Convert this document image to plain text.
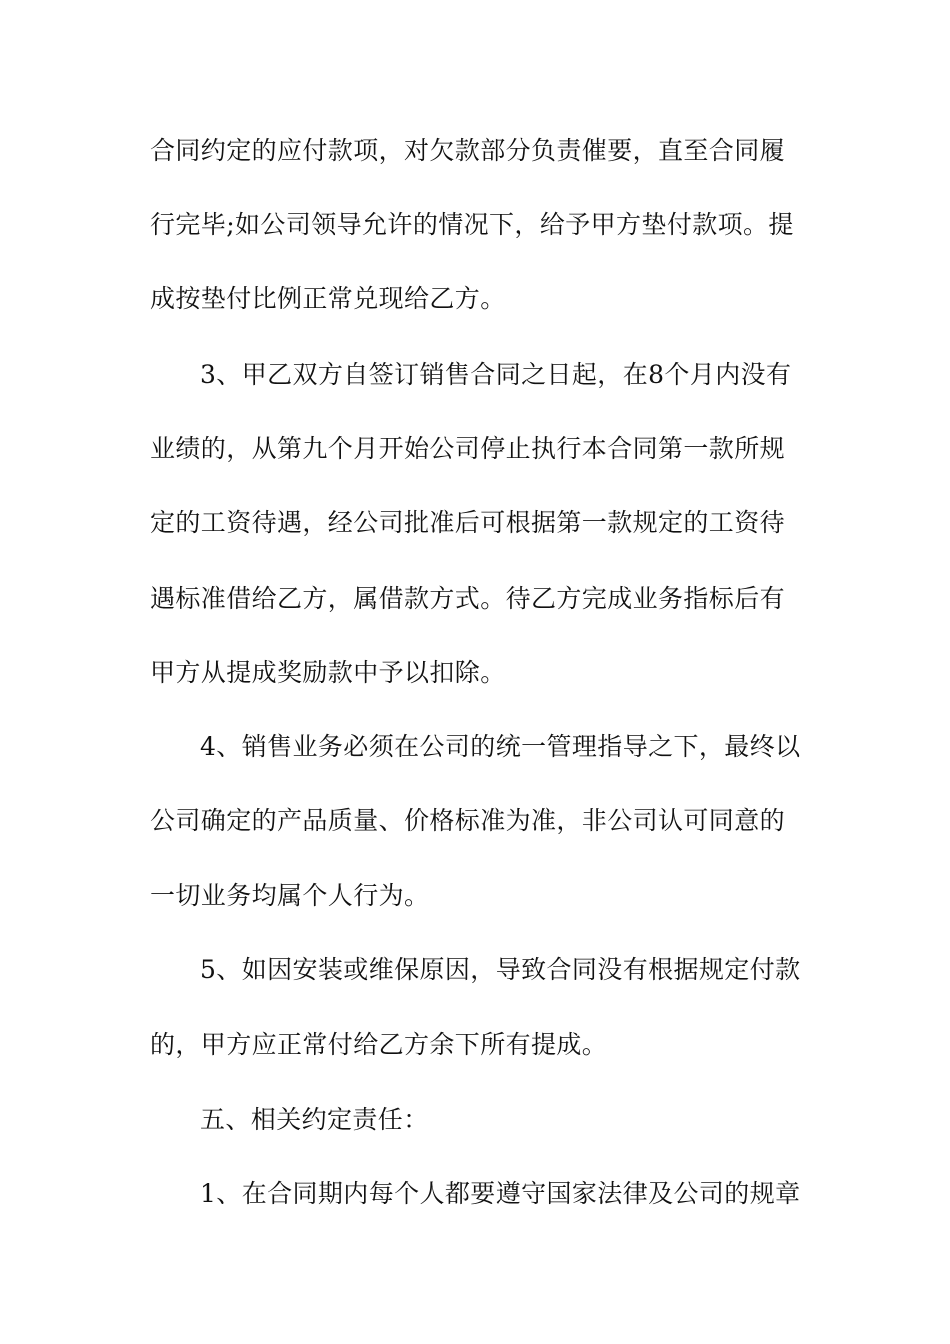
合同约定的应付款项，对欠款部分负责催要，直至合同履
行完毕;如公司领导允许的情况下，给予甲方垫付款项。提
成按垫付比例正常兑现给乙方。
3、甲乙双方自签订销售合同之日起，在8个月内没有
业绩的，从第九个月开始公司停止执行本合同第一款所规
定的工资待遇，经公司批准后可根据第一款规定的工资待
遇标准借给乙方，属借款方式。待乙方完成业务指标后有
甲方从提成奖励款中予以扣除。
4、销售业务必须在公司的统一管理指导之下，最终以
公司确定的产品质量、价格标准为准，非公司认可同意的
一切业务均属个人行为。
5、如因安装或维保原因，导致合同没有根据规定付款
的，甲方应正常付给乙方余下所有提成。
五、相关约定责任：
1、在合同期内每个人都要遵守国家法律及公司的规章
